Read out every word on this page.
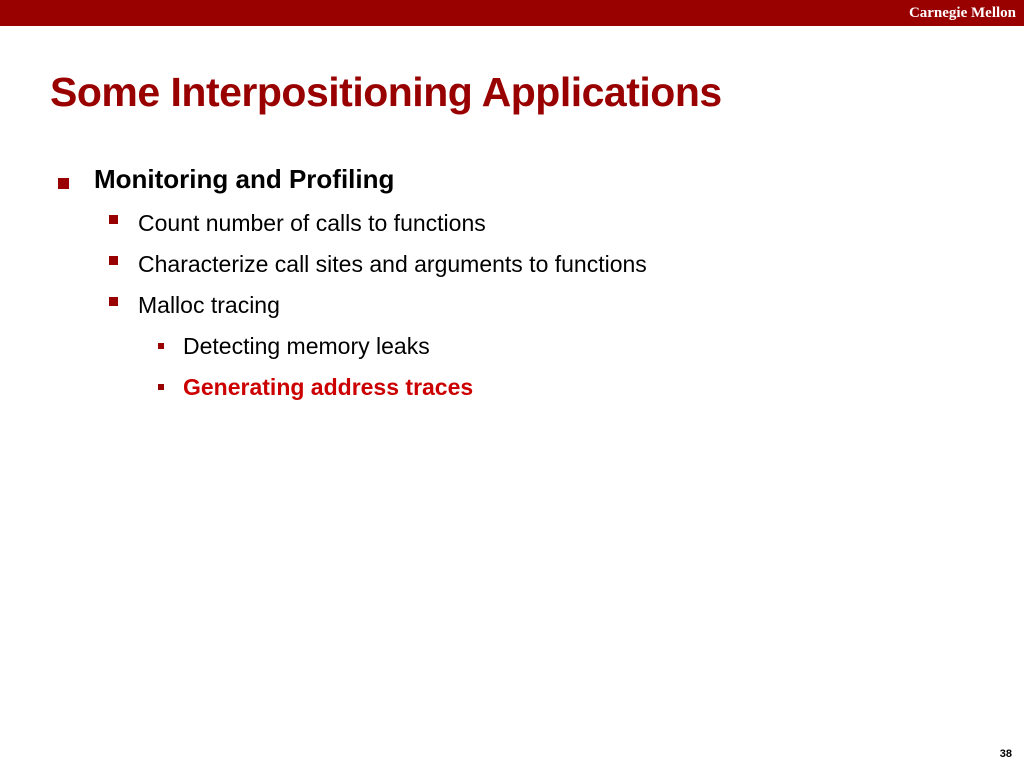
Carnegie Mellon
Some Interpositioning Applications
Monitoring and Profiling
Count number of calls to functions
Characterize call sites and arguments to functions
Malloc tracing
Detecting memory leaks
Generating address traces
38
